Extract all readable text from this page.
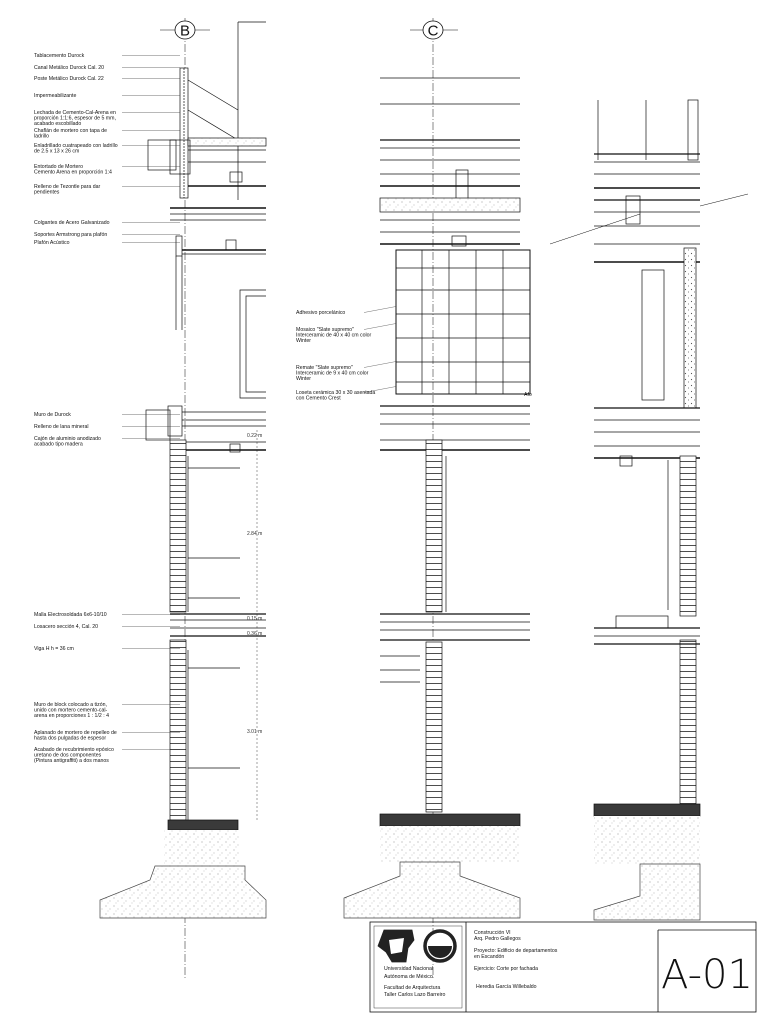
B	C
Tablacemento Durock
Canal Metálico Durock Cal. 20
Poste Metálico Durock Cal. 22
Impermeabilizante
Lechada de Cemento-Cal-Arena en
proporción 1:1:6, espesor de 5 mm,
acabado escobillado
Chaflán de mortero con tapa de
ladrillo
Enladrillado cuatrapeado con ladrillo
de 2.5 x 13 x 26 cm
Entortado de Mortero
Cemento Arena en proporción 1:4
Relleno de Tezontle para dar
pendientes
Colgantes de Acero Galvanizado
Soportes Armstrong para plafón
Plafón Acústico
Muro de Durock
Relleno de lana mineral
Cajón de aluminio anodizado
acabado tipo madera
Malla Electrosoldada 6x6-10/10
Losacero sección 4, Cal. 20
Viga H h = 36 cm
Muro de block colocado a tizón,
unido con mortero cemento-cal-
arena en proporciones 1 : 1/2 : 4
Aplanado de mortero de repelleo de
hasta dos pulgadas de espesor
Acabado de recubrimiento epóxico
uretano de dos componentes
(Pintura antigraffiti) a dos manos
Adhesivo porcelánico
Mosaico "Slate supremo"
Interceramic de 40 x 40 cm color
Winter
Remate "Slate supremo"
Interceramic de 9 x 40 cm color
Winter
Loseta cerámica 30 x 30 asentada
con Cemento Crest
Afo
0.22 m
2.84 m
0.15 m
0.36 m
3.01 m
Universidad Nacional
Autónoma de México
Facultad de Arquitectura
Taller Carlos Lazo Barreiro
Construcción VI
Arq. Pedro Gallegos
Proyecto: Edificio de departamentos
en Escandón
Ejercicio: Corte por fachada
Heredia García Willebaldo	A-01
